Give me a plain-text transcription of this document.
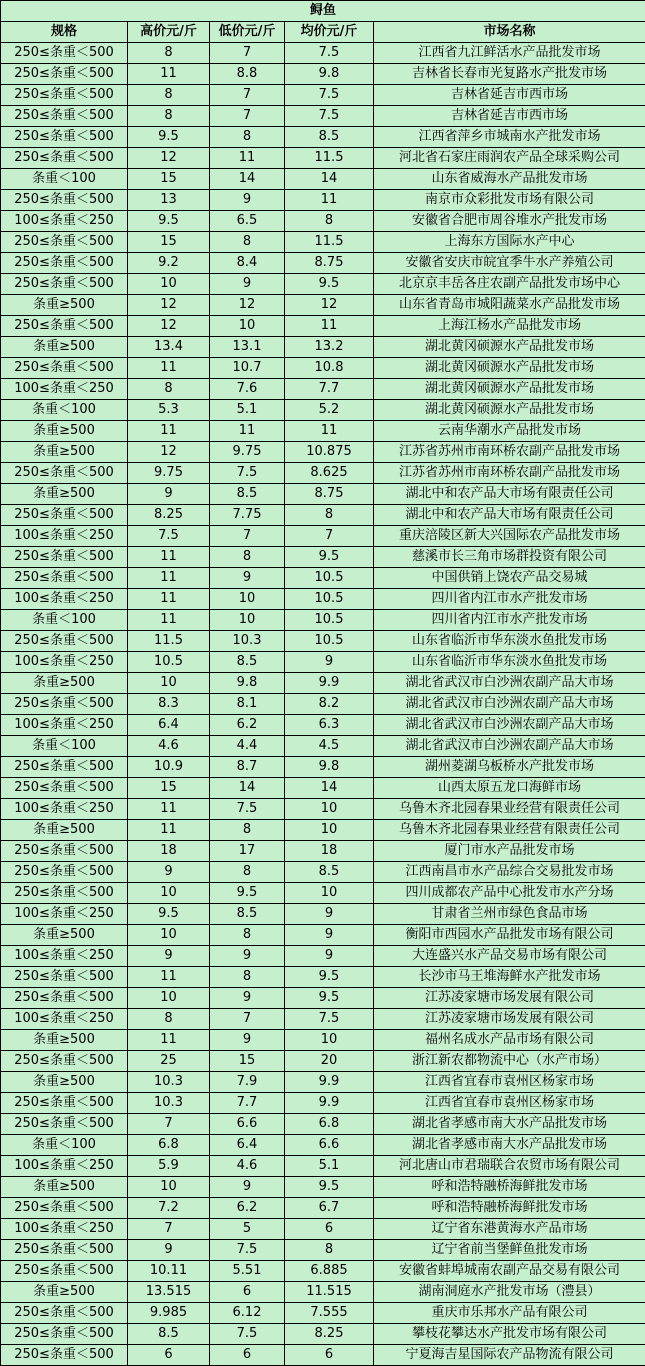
鲟鱼				
规格	高价元/斤	低价元/斤	均价元/斤	市场名称
250≤条重＜500	8	7	7.5	江西省九江鲜活水产品批发市场
250≤条重＜500	11	8.8	9.8	吉林省长春市光复路水产批发市场
250≤条重＜500	8	7	7.5	吉林省延吉市西市场
250≤条重＜500	8	7	7.5	吉林省延吉市西市场
250≤条重＜500	9.5	8	8.5	江西省萍乡市城南水产批发市场
250≤条重＜500	12	11	11.5	河北省石家庄雨润农产品全球采购公司
条重＜100	15	14	14	山东省威海水产品批发市场
250≤条重＜500	13	9	11	南京市众彩批发市场有限公司
100≤条重＜250	9.5	6.5	8	安徽省合肥市周谷堆水产批发市场
250≤条重＜500	15	8	11.5	上海东方国际水产中心
250≤条重＜500	9.2	8.4	8.75	安徽省安庆市皖宜季牛水产养殖公司
250≤条重＜500	10	9	9.5	北京京丰岳各庄农副产品批发市场中心
条重≥500	12	12	12	山东省青岛市城阳蔬菜水产品批发市场
250≤条重＜500	12	10	11	上海江杨水产品批发市场
条重≥500	13.4	13.1	13.2	湖北黄冈硕源水产品批发市场
250≤条重＜500	11	10.7	10.8	湖北黄冈硕源水产品批发市场
100≤条重＜250	8	7.6	7.7	湖北黄冈硕源水产品批发市场
条重＜100	5.3	5.1	5.2	湖北黄冈硕源水产品批发市场
条重≥500	11	11	11	云南华潮水产品批发市场
条重≥500	12	9.75	10.875	江苏省苏州市南环桥农副产品批发市场
250≤条重＜500	9.75	7.5	8.625	江苏省苏州市南环桥农副产品批发市场
条重≥500	9	8.5	8.75	湖北中和农产品大市场有限责任公司
250≤条重＜500	8.25	7.75	8	湖北中和农产品大市场有限责任公司
100≤条重＜250	7.5	7	7	重庆涪陵区新大兴国际农产品批发市场
250≤条重＜500	11	8	9.5	慈溪市长三角市场群投资有限公司
250≤条重＜500	11	9	10.5	中国供销上饶农产品交易城
100≤条重＜250	11	10	10.5	四川省内江市水产批发市场
条重＜100	11	10	10.5	四川省内江市水产批发市场
250≤条重＜500	11.5	10.3	10.5	山东省临沂市华东淡水鱼批发市场
100≤条重＜250	10.5	8.5	9	山东省临沂市华东淡水鱼批发市场
条重≥500	10	9.8	9.9	湖北省武汉市白沙洲农副产品大市场
250≤条重＜500	8.3	8.1	8.2	湖北省武汉市白沙洲农副产品大市场
100≤条重＜250	6.4	6.2	6.3	湖北省武汉市白沙洲农副产品大市场
条重＜100	4.6	4.4	4.5	湖北省武汉市白沙洲农副产品大市场
250≤条重＜500	10.9	8.7	9.8	湖州菱湖乌板桥水产批发市场
250≤条重＜500	15	14	14	山西太原五龙口海鲜市场
100≤条重＜250	11	7.5	10	乌鲁木齐北园春果业经营有限责任公司
条重≥500	11	8	10	乌鲁木齐北园春果业经营有限责任公司
250≤条重＜500	18	17	18	厦门市水产品批发市场
250≤条重＜500	9	8	8.5	江西南昌市水产品综合交易批发市场
250≤条重＜500	10	9.5	10	四川成都农产品中心批发市水产分场
100≤条重＜250	9.5	8.5	9	甘肃省兰州市绿色食品市场
条重≥500	10	8	9	衡阳市西园水产品批发市场有限公司
100≤条重＜250	9	9	9	大连盛兴水产品交易市场有限公司
250≤条重＜500	11	8	9.5	长沙市马王堆海鲜水产批发市场
250≤条重＜500	10	9	9.5	江苏凌家塘市场发展有限公司
100≤条重＜250	8	7	7.5	江苏凌家塘市场发展有限公司
条重≥500	11	9	10	福州名成水产品市场有限公司
250≤条重＜500	25	15	20	浙江新农都物流中心（水产市场）
条重≥500	10.3	7.9	9.9	江西省宜春市袁州区杨家市场
250≤条重＜500	10.3	7.7	9.9	江西省宜春市袁州区杨家市场
250≤条重＜500	7	6.6	6.8	湖北省孝感市南大水产品批发市场
条重＜100	6.8	6.4	6.6	湖北省孝感市南大水产品批发市场
100≤条重＜250	5.9	4.6	5.1	河北唐山市君瑞联合农贸市场有限公司
条重≥500	10	9	9.5	呼和浩特融桥海鲜批发市场
250≤条重＜500	7.2	6.2	6.7	呼和浩特融桥海鲜批发市场
100≤条重＜250	7	5	6	辽宁省东港黄海水产品市场
250≤条重＜500	9	7.5	8	辽宁省前当堡鲜鱼批发市场
250≤条重＜500	10.11	5.51	6.885	安徽省蚌埠城南农副产品交易有限公司
条重≥500	13.515	6	11.515	湖南洞庭水产批发市场（澧县）
250≤条重＜500	9.985	6.12	7.555	重庆市乐邦水产品有限公司
250≤条重＜500	8.5	7.5	8.25	攀枝花攀达水产批发市场有限公司
250≤条重＜500	6	6	6	宁夏海吉星国际农产品物流有限公司
